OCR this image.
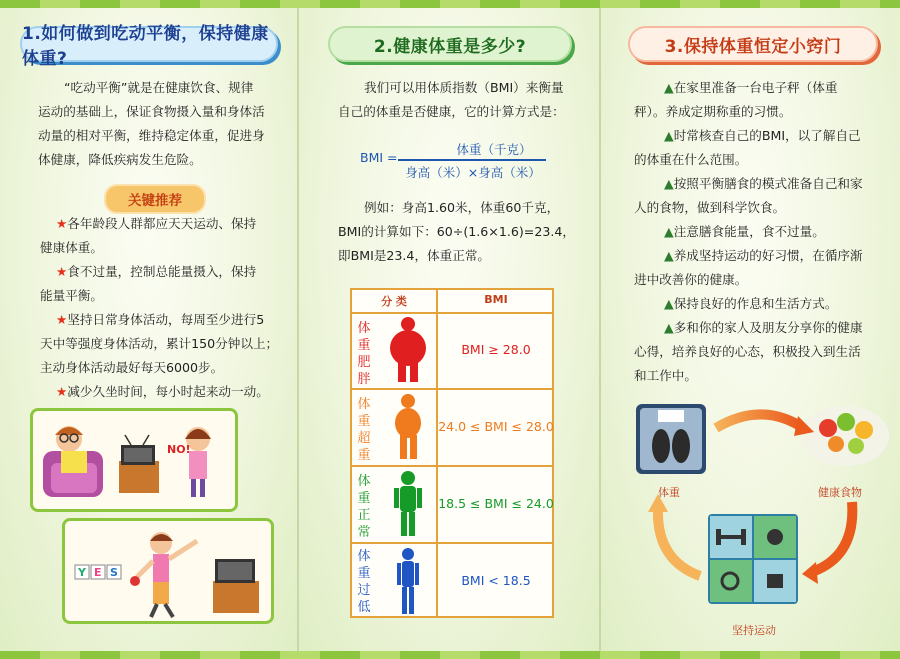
1.如何做到吃动平衡，保持健康体重?
“吃动平衡”就是在健康饮食、规律
运动的基础上，保证食物摄入量和身体活
动量的相对平衡，维持稳定体重，促进身
体健康，降低疾病发生危险。
关键推荐
★各年龄段人群都应天天运动、保持
健康体重。
★食不过量，控制总能量摄入，保持
能量平衡。
★坚持日常身体活动，每周至少进行5
天中等强度身体活动，累计150分钟以上；
主动身体活动最好每天6000步。
★减少久坐时间，每小时起来动一动。
NO!
Y E S
2.健康体重是多少?
我们可以用体质指数（BMI）来衡量
自己的体重是否健康，它的计算方式是：
BMI =
体重（千克）
身高（米）×身高（米）
例如：身高1.60米，体重60千克，
BMI的计算如下：60÷(1.6×1.6)=23.4，
即BMI是23.4，体重正常。
分 类	BMI
体重肥胖
BMI ≥ 28.0
体重超重
24.0 ≤ BMI ≤ 28.0
体重正常
18.5 ≤ BMI ≤ 24.0
体重过低
BMI < 18.5
3.保持体重恒定小窍门
▲在家里准备一台电子秤（体重
秤）。养成定期称重的习惯。
▲时常核查自己的BMI，以了解自己
的体重在什么范围。
▲按照平衡膳食的模式准备自己和家
人的食物，做到科学饮食。
▲注意膳食能量，食不过量。
▲养成坚持运动的好习惯，在循序渐
进中改善你的健康。
▲保持良好的作息和生活方式。
▲多和你的家人及朋友分享你的健康
心得，培养良好的心态，积极投入到生活
和工作中。
体重	健康食物
坚持运动
